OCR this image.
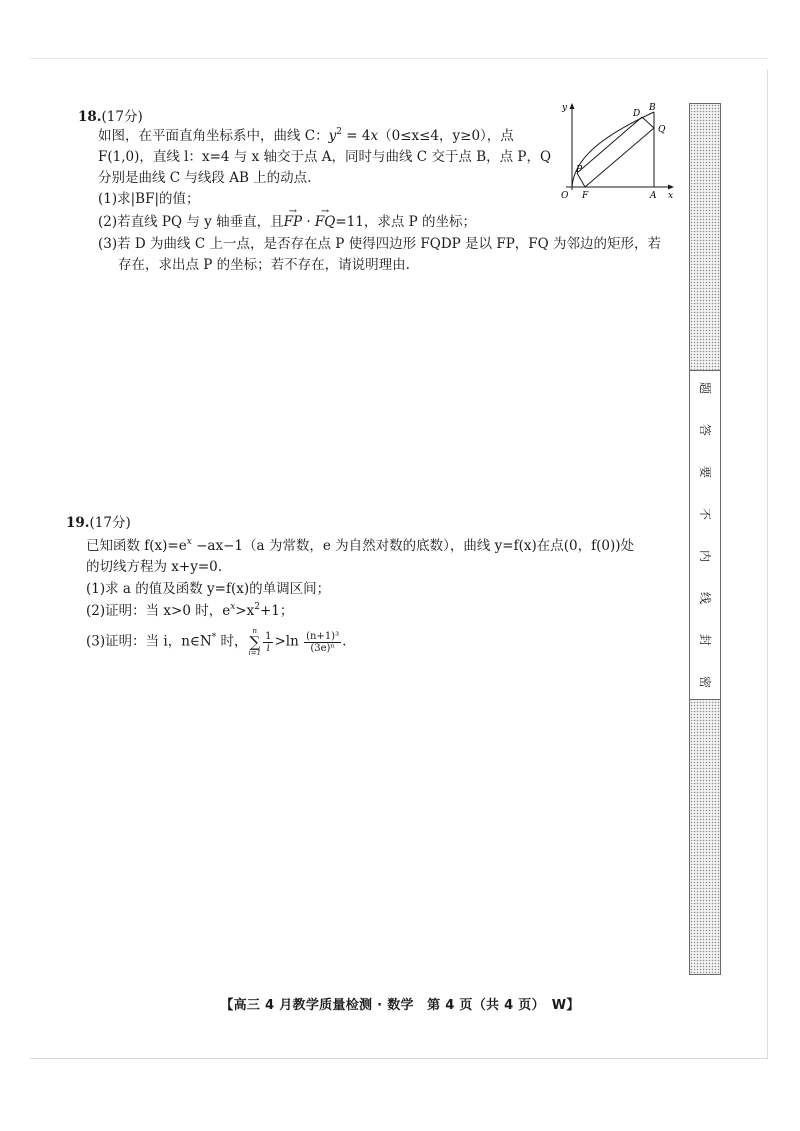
18.(17分)
如图，在平面直角坐标系中，曲线 C：$y^2 = 4x(0\le x\le 4$，y≥0），点
F(1,0)，直线 l：x=4 与 x 轴交于点 A，同时与曲线 C 交于点 B，点 P，Q
分别是曲线 C 与线段 AB 上的动点.
(1)求|BF|的值；
(2)若直线 PQ 与 y 轴垂直，且→ FP · → FQ=11，求点 P 的坐标；
(3)若 D 为曲线 C 上一点，是否存在点 P 使得四边形 FQDP 是以 FP，FQ 为邻边的矩形，若
存在，求出点 P 的坐标；若不存在，请说明理由.
y
x
O F	A
B
D
Q
P
19.(17分)
已知函数 $f(x)=e^x -ax-1(a$ 为常数，e 为自然对数的底数），曲线 y=f(x)在点(0，f(0))处
的切线方程为 x+y=0.
(1)求 a 的值及函数 y=f(x)的单调区间；
(2)证明：当 x>0 时，$e^x>x^2+1$；
(3)证明：当 i，n∈N* 时，
n
∑
$i=1 \frac{1}{i} >\ln \frac{\text{(n+1)³}}{\text{(3e)ⁿ}}$ .
题
答
要
不
内
线
封
密
【高三 4 月教学质量检测 · 数学　第 4 页（共 4 页）　W】
